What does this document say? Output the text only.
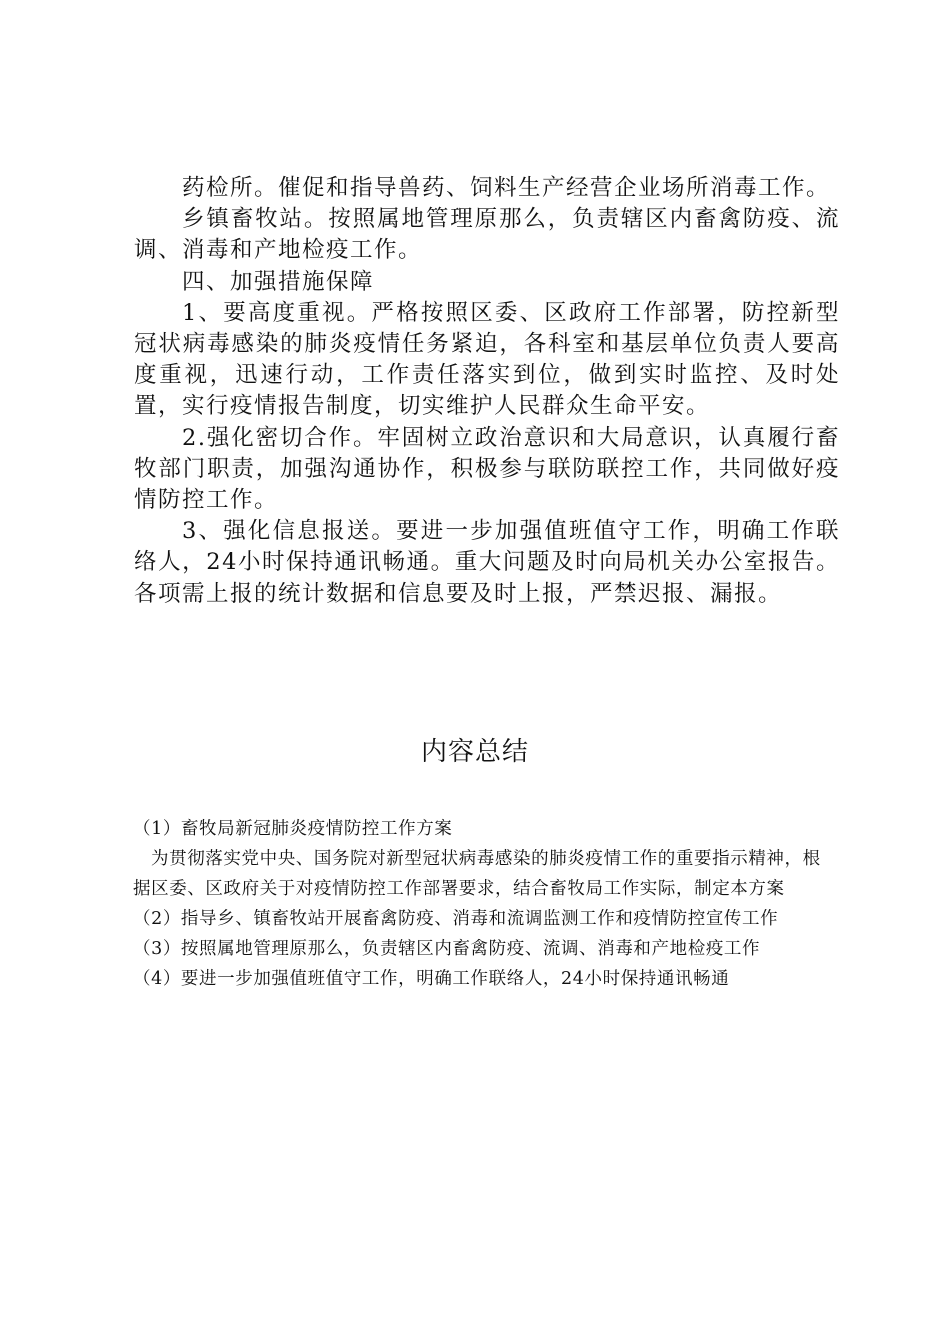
药检所。催促和指导兽药、饲料生产经营企业场所消毒工作。

乡镇畜牧站。按照属地管理原那么，负责辖区内畜禽防疫、流调、消毒和产地检疫工作。

四、加强措施保障

1、要高度重视。严格按照区委、区政府工作部署，防控新型冠状病毒感染的肺炎疫情任务紧迫，各科室和基层单位负责人要高度重视，迅速行动，工作责任落实到位，做到实时监控、及时处置，实行疫情报告制度，切实维护人民群众生命平安。

2.强化密切合作。牢固树立政治意识和大局意识，认真履行畜牧部门职责，加强沟通协作，积极参与联防联控工作，共同做好疫情防控工作。

3、强化信息报送。要进一步加强值班值守工作，明确工作联络人，24小时保持通讯畅通。重大问题及时向局机关办公室报告。各项需上报的统计数据和信息要及时上报，严禁迟报、漏报。

内容总结

（1）畜牧局新冠肺炎疫情防控工作方案

为贯彻落实党中央、国务院对新型冠状病毒感染的肺炎疫情工作的重要指示精神，根据区委、区政府关于对疫情防控工作部署要求，结合畜牧局工作实际，制定本方案

（2）指导乡、镇畜牧站开展畜禽防疫、消毒和流调监测工作和疫情防控宣传工作

（3）按照属地管理原那么，负责辖区内畜禽防疫、流调、消毒和产地检疫工作

（4）要进一步加强值班值守工作，明确工作联络人，24小时保持通讯畅通
